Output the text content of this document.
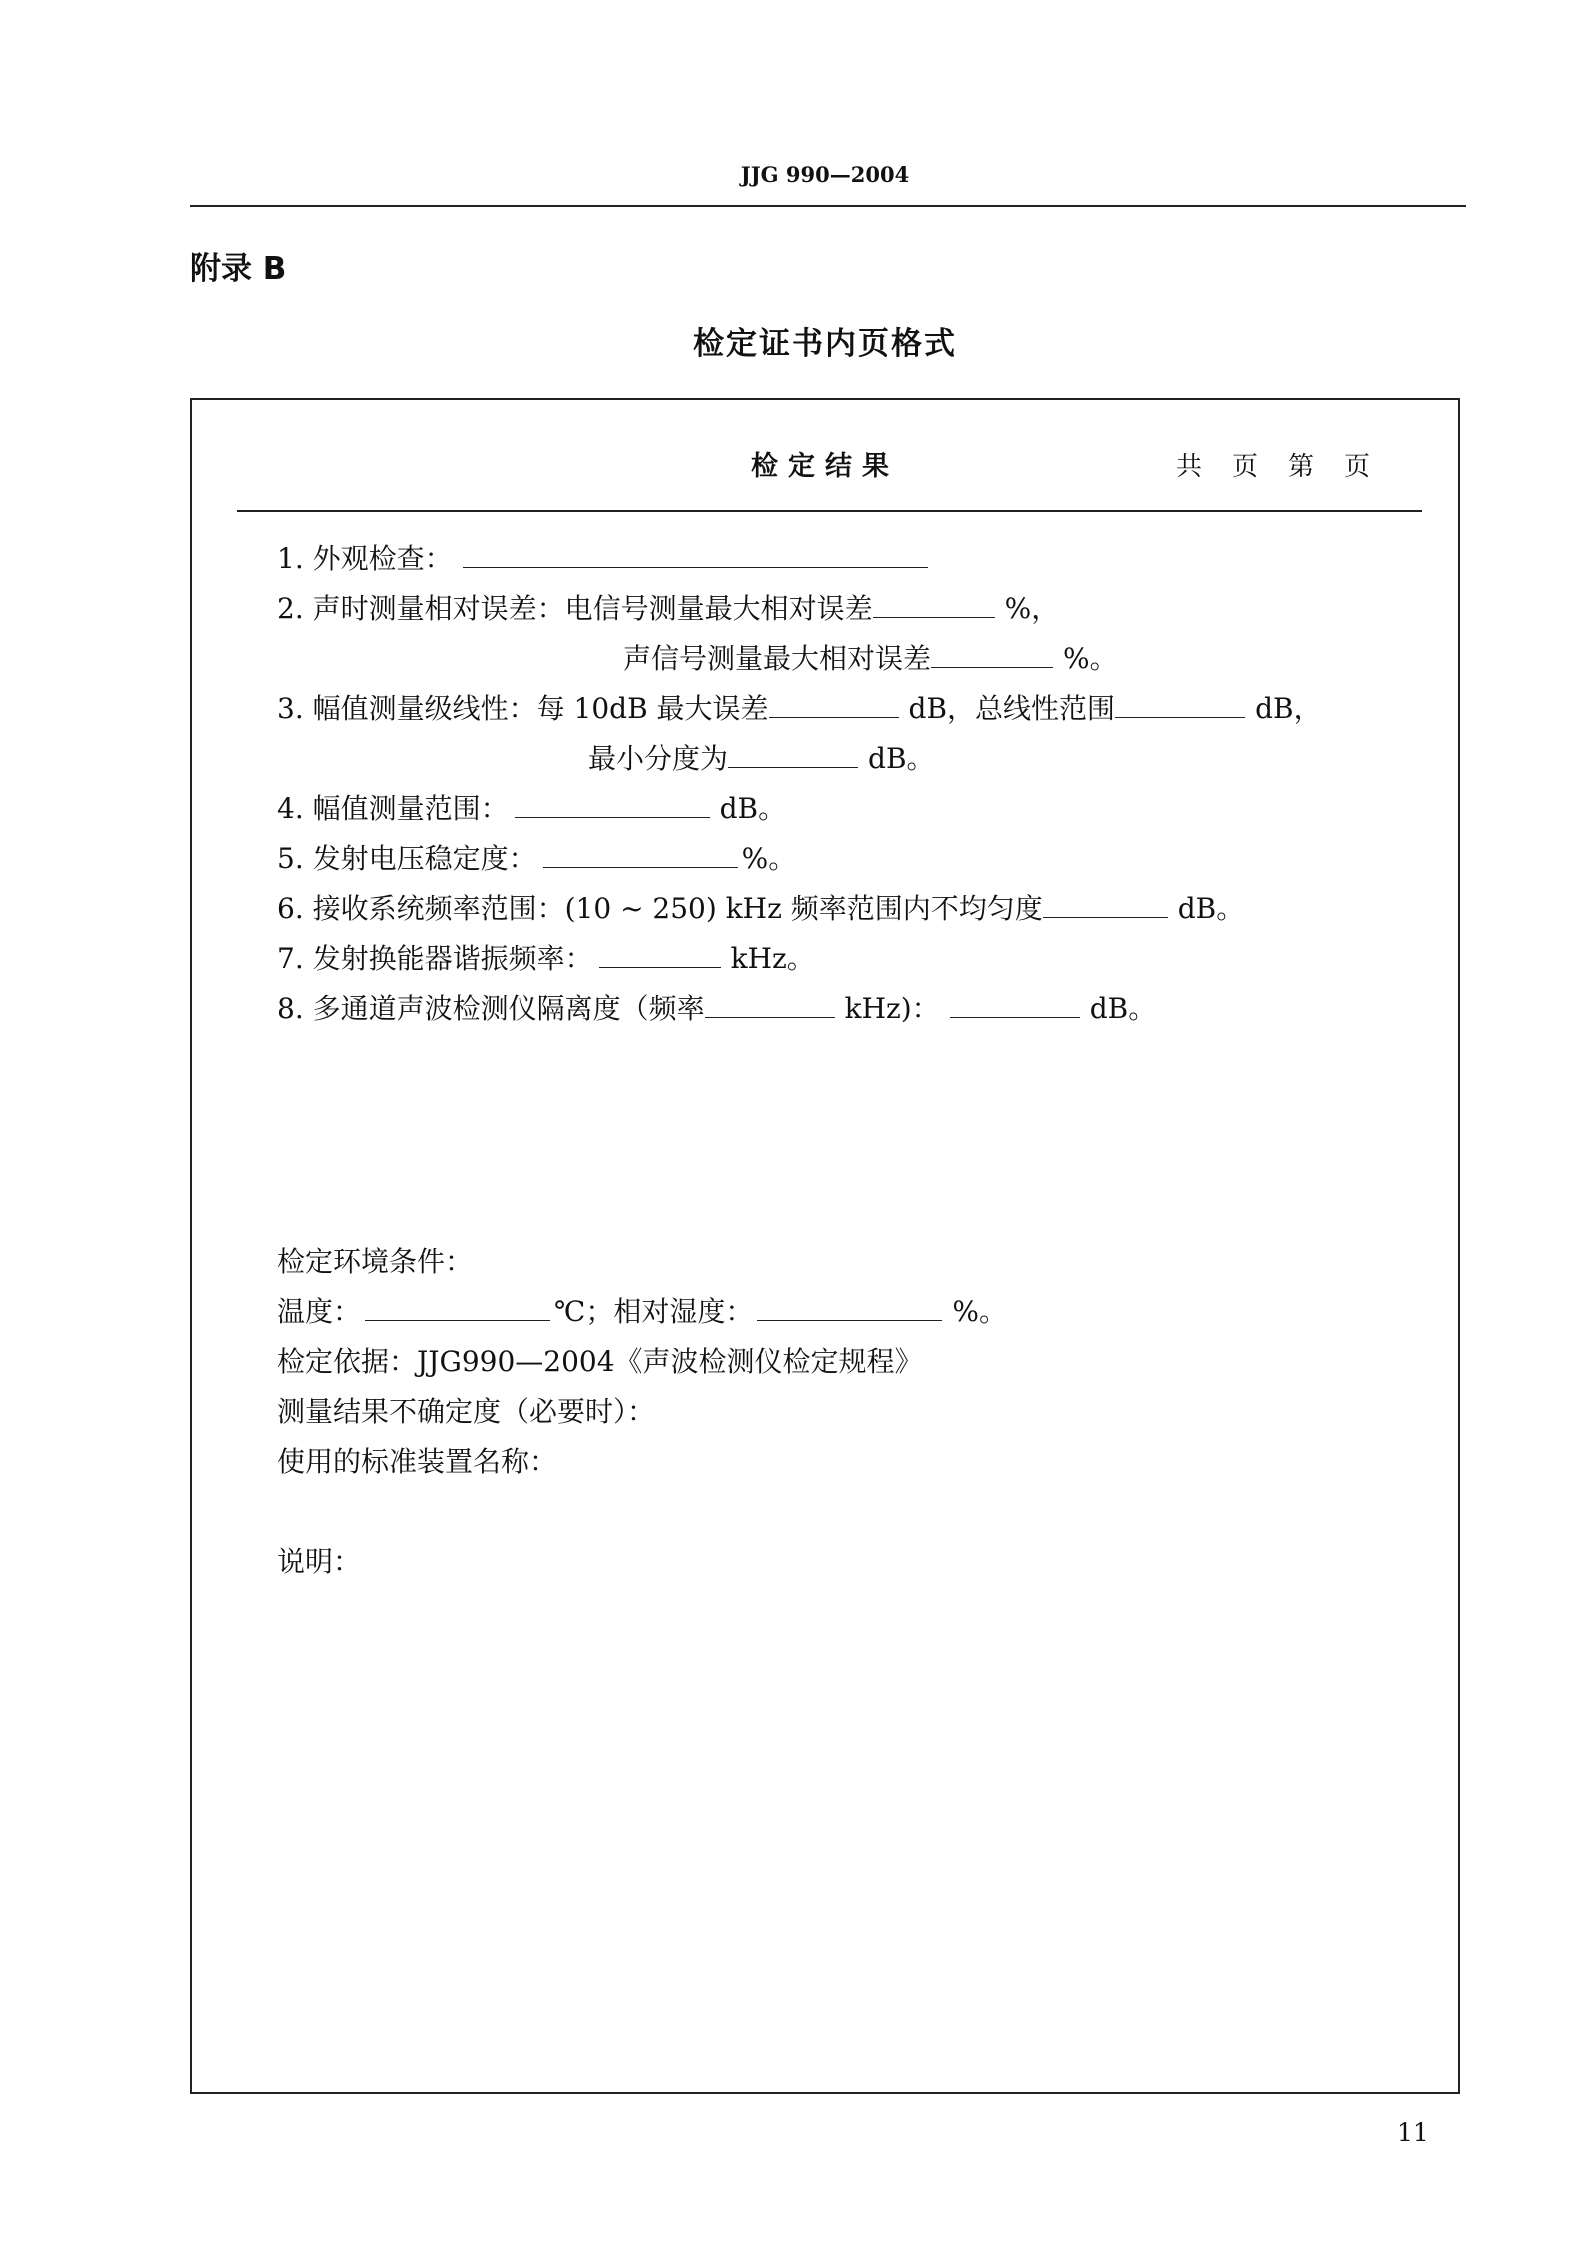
JJG 990—2004
附录 B
检定证书内页格式
检定结果	共 页 第 页
1. 外观检查：
2. 声时测量相对误差：电信号测量最大相对误差	%，
声信号测量最大相对误差	%。
3. 幅值测量级线性：每 10dB 最大误差	dB，总线性范围	dB，
最小分度为	dB。
4. 幅值测量范围：	dB。
5. 发射电压稳定度：	%。
6. 接收系统频率范围：(10 ~ 250) kHz 频率范围内不均匀度	dB。
7. 发射换能器谐振频率：	kHz。
8. 多通道声波检测仪隔离度（频率	kHz)：	dB。
检定环境条件：
温度：	℃；相对湿度：	%。
检定依据：JJG990—2004《声波检测仪检定规程》
测量结果不确定度（必要时）：
使用的标准装置名称：
说明：
11
